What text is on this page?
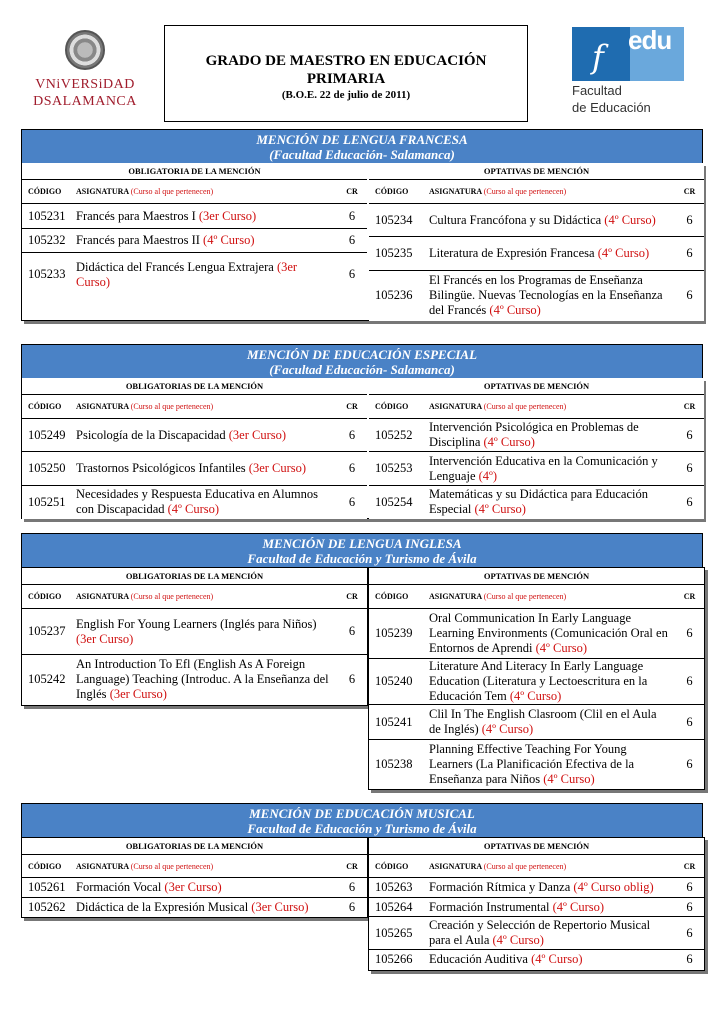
VNiVERSiDAD
DSALAMANCA
GRADO DE MAESTRO EN EDUCACIÓN
PRIMARIA
(B.O.E. 22 de julio de 2011)
f edu
Facultad
de Educación
MENCIÓN DE LENGUA FRANCESA
(Facultad Educación- Salamanca)
OBLIGATORIA DE LA MENCIÓN		
CÓDIGO	ASIGNATURA (Curso al que pertenecen)	CR
105231	Francés para Maestros I (3er Curso)	6
105232	Francés para Maestros II (4º Curso)	6
105233	Didáctica del Francés Lengua Extrajera (3er Curso)	6
OPTATIVAS DE MENCIÓN		
CÓDIGO	ASIGNATURA (Curso al que pertenecen)	CR
105234	Cultura Francófona y su Didáctica (4º Curso)	6
105235	Literatura de Expresión Francesa (4º Curso)	6
105236	El Francés en los Programas de Enseñanza Bilingüe. Nuevas Tecnologías en la Enseñanza del Francés (4º Curso)	6
MENCIÓN DE EDUCACIÓN ESPECIAL
(Facultad Educación- Salamanca)
OBLIGATORIAS DE LA MENCIÓN		
CÓDIGO	ASIGNATURA (Curso al que pertenecen)	CR
105249	Psicología de la Discapacidad (3er Curso)	6
105250	Trastornos Psicológicos Infantiles (3er Curso)	6
105251	Necesidades y Respuesta Educativa en Alumnos con Discapacidad (4º Curso)	6
OPTATIVAS DE MENCIÓN		
CÓDIGO	ASIGNATURA (Curso al que pertenecen)	CR
105252	Intervención Psicológica en Problemas de Disciplina (4º Curso)	6
105253	Intervención Educativa en la Comunicación y Lenguaje (4º)	6
105254	Matemáticas y su Didáctica para Educación Especial (4º Curso)	6
MENCIÓN DE LENGUA INGLESA
Facultad de Educación y Turismo de Ávila
OBLIGATORIAS DE LA MENCIÓN		
CÓDIGO	ASIGNATURA (Curso al que pertenecen)	CR
105237	English For Young Learners (Inglés para Niños) (3er Curso)	6
105242	An Introduction To Efl (English As A Foreign Language) Teaching (Introduc. A la Enseñanza del Inglés (3er Curso)	6
OPTATIVAS DE MENCIÓN		
CÓDIGO	ASIGNATURA (Curso al que pertenecen)	CR
105239	Oral Communication In Early Language Learning Environments (Comunicación Oral en Entornos de Aprendi (4º Curso)	6
105240	Literature And Literacy In Early Language Education (Literatura y Lectoescritura en la Educación Tem (4º Curso)	6
105241	Clil In The English Clasroom (Clil en el Aula de Inglés) (4º Curso)	6
105238	Planning Effective Teaching For Young Learners (La Planificación Efectiva de la Enseñanza para Niños (4º Curso)	6
MENCIÓN DE EDUCACIÓN MUSICAL
Facultad de Educación y Turismo de Ávila
OBLIGATORIAS DE LA MENCIÓN		
CÓDIGO	ASIGNATURA (Curso al que pertenecen)	CR
105261	Formación Vocal (3er Curso)	6
105262	Didáctica de la Expresión Musical (3er Curso)	6
OPTATIVAS DE MENCIÓN		
CÓDIGO	ASIGNATURA (Curso al que pertenecen)	CR
105263	Formación Rítmica y Danza (4º Curso oblig)	6
105264	Formación Instrumental (4º Curso)	6
105265	Creación y Selección de Repertorio Musical para el Aula (4º Curso)	6
105266	Educación Auditiva (4º Curso)	6
